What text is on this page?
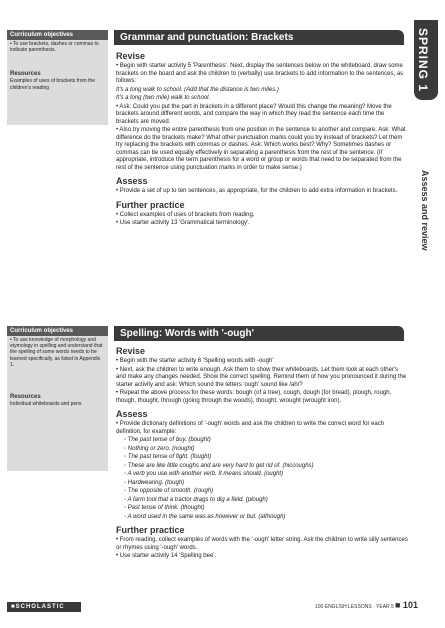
Curriculum objectives
• To use brackets, dashes or commas to indicate parenthesis.
Resources
Examples of uses of brackets from the children's reading
Curriculum objectives
• To use knowledge of morphology and etymology in spelling and understand that the spelling of some words needs to be learned specifically, as listed in Appendix 1.
Resources
Individual whiteboards and pens
Grammar and punctuation: Brackets
Revise

• Begin with starter activity 5 'Parenthesis'. Next, display the sentences below on the whiteboard, draw some brackets on the board and ask the children to (verbally) use brackets to add information to the sentences, as follows:

It's a long walk to school. (Add that the distance is two miles.)

It's a long (two mile) walk to school.

• Ask: Could you put the part in brackets in a different place? Would this change the meaning? Move the brackets around different words, and compare the way in which they read the sentence each time the brackets are moved.

• Also try moving the entire parenthesis from one position in the sentence to another and compare. Ask: What difference do the brackets make? What other punctuation marks could you try instead of brackets? Let them try replacing the brackets with commas or dashes. Ask: Which works best? Why? Sometimes dashes or commas can be used equally effectively in separating a parenthesis from the rest of the sentence. (If appropriate, introduce the term parenthesis for a word or group or words that need to be separated from the rest of the sentence using punctuation marks in order to make sense.)

Assess

• Provide a set of up to ten sentences, as appropriate, for the children to add extra information in brackets.

Further practice

• Collect examples of uses of brackets from reading.

• Use starter activity 13 'Grammatical terminology'.

Spelling: Words with '-ough'
Revise

• Begin with the starter activity 6 'Spelling words with -ough'

• Next, ask the children to write enough. Ask them to show their whiteboards. Let them look at each other's and make any changes needed. Show the correct spelling. Remind them of how you pronounced it during the starter activity and ask: Which sound the letters 'ough' sound like /ah/?

• Repeat the above process for these words: bough (of a tree), cough, dough (for bread), plough, rough, though, thought, through (going through the woods), thought, wrought (wrought iron).

Assess

• Provide dictionary definitions of '-ough' words and ask the children to write the correct word for each definition, for example:

◦ The past tense of buy. (bought)

◦ Nothing or zero. (nought)

◦ The past tense of fight. (fought)

◦ These are like little coughs and are very hard to get rid of. (hiccoughs)

◦ A verb you use with another verb. It means should. (ought)

◦ Hardwearing. (tough)

◦ The opposite of smooth. (rough)

◦ A farm tool that a tractor drags to dig a field. (plough)

◦ Past tense of think. (thought)

◦ A word used in the same was as however or but. (although)

Further practice

• From reading, collect examples of words with the '-ough' letter string. Ask the children to write silly sentences or rhymes using '-ough' words.

• Use starter activity 14 'Spelling bee'.

SPRING 1
Assess and review
■SCHOLASTIC	100 ENGLISH LESSONS · YEAR 5 ■ 101
